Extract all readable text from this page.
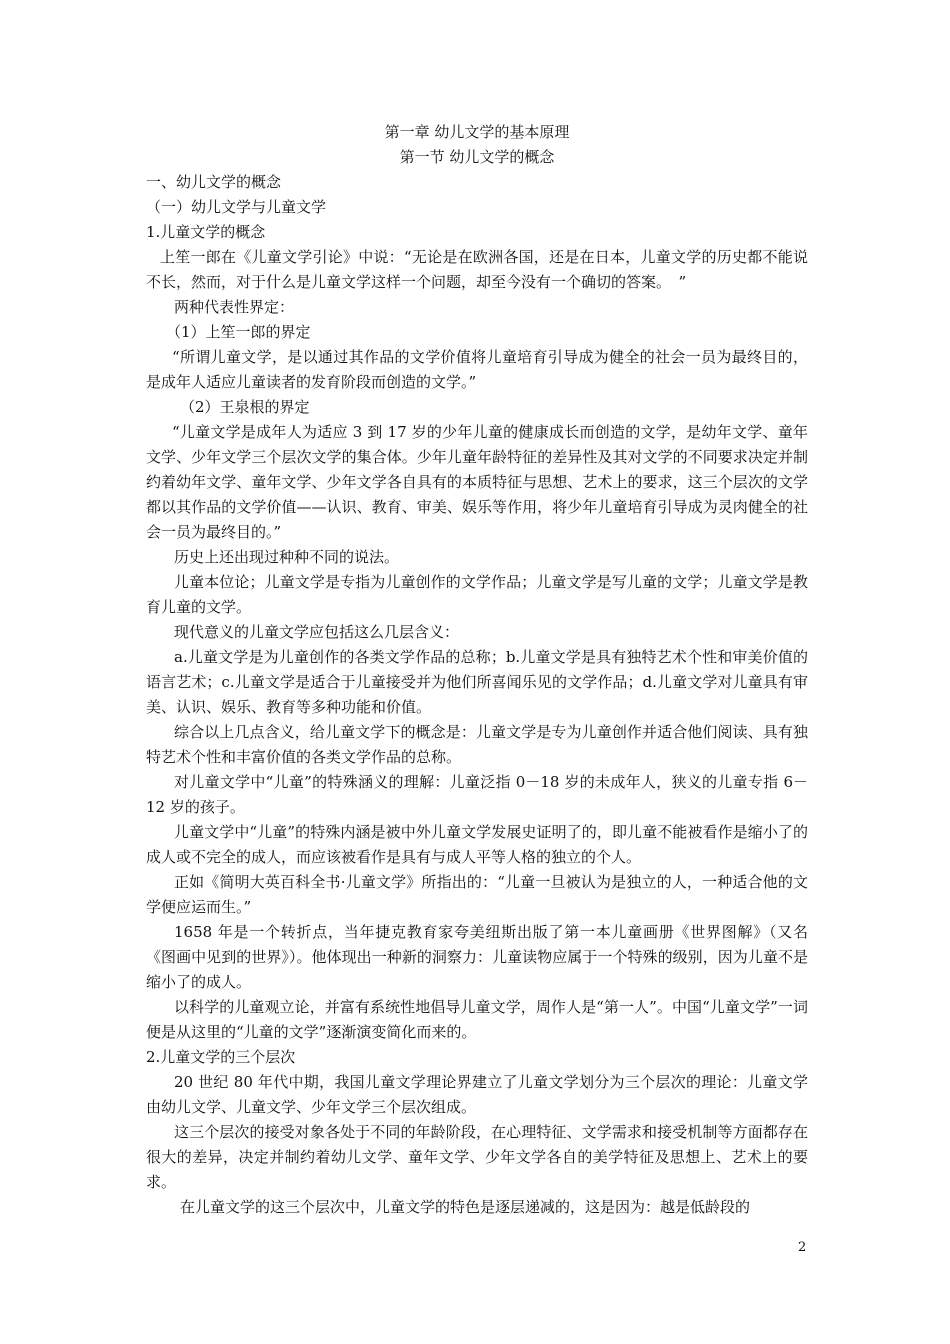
第一章 幼儿文学的基本原理

第一节 幼儿文学的概念

一、幼儿文学的概念

（一）幼儿文学与儿童文学

1.儿童文学的概念

上笙一郎在《儿童文学引论》中说：“无论是在欧洲各国，还是在日本，儿童文学的历史都不能说不长，然而，对于什么是儿童文学这样一个问题，却至今没有一个确切的答案。　”

两种代表性界定：

（1）上笙一郎的界定

“所谓儿童文学，是以通过其作品的文学价值将儿童培育引导成为健全的社会一员为最终目的，是成年人适应儿童读者的发育阶段而创造的文学。”

（2）王泉根的界定

“儿童文学是成年人为适应 3 到 17 岁的少年儿童的健康成长而创造的文学，是幼年文学、童年文学、少年文学三个层次文学的集合体。少年儿童年龄特征的差异性及其对文学的不同要求决定并制约着幼年文学、童年文学、少年文学各自具有的本质特征与思想、艺术上的要求，这三个层次的文学都以其作品的文学价值——认识、教育、审美、娱乐等作用，将少年儿童培育引导成为灵肉健全的社会一员为最终目的。”

历史上还出现过种种不同的说法。

儿童本位论；儿童文学是专指为儿童创作的文学作品；儿童文学是写儿童的文学；儿童文学是教育儿童的文学。

现代意义的儿童文学应包括这么几层含义：

a.儿童文学是为儿童创作的各类文学作品的总称；b.儿童文学是具有独特艺术个性和审美价值的语言艺术；c.儿童文学是适合于儿童接受并为他们所喜闻乐见的文学作品；d.儿童文学对儿童具有审美、认识、娱乐、教育等多种功能和价值。

综合以上几点含义，给儿童文学下的概念是：儿童文学是专为儿童创作并适合他们阅读、具有独特艺术个性和丰富价值的各类文学作品的总称。

对儿童文学中“儿童”的特殊涵义的理解：儿童泛指 0－18 岁的未成年人，狭义的儿童专指 6－12 岁的孩子。

儿童文学中“儿童”的特殊内涵是被中外儿童文学发展史证明了的，即儿童不能被看作是缩小了的成人或不完全的成人，而应该被看作是具有与成人平等人格的独立的个人。

正如《简明大英百科全书·儿童文学》所指出的：“儿童一旦被认为是独立的人，一种适合他的文学便应运而生。”

1658 年是一个转折点，当年捷克教育家夸美纽斯出版了第一本儿童画册《世界图解》（又名《图画中见到的世界》）。他体现出一种新的洞察力：儿童读物应属于一个特殊的级别，因为儿童不是缩小了的成人。

以科学的儿童观立论，并富有系统性地倡导儿童文学，周作人是“第一人”。中国“儿童文学”一词便是从这里的“儿童的文学”逐渐演变简化而来的。

2.儿童文学的三个层次

20 世纪 80 年代中期，我国儿童文学理论界建立了儿童文学划分为三个层次的理论：儿童文学由幼儿文学、儿童文学、少年文学三个层次组成。

这三个层次的接受对象各处于不同的年龄阶段，在心理特征、文学需求和接受机制等方面都存在很大的差异，决定并制约着幼儿文学、童年文学、少年文学各自的美学特征及思想上、艺术上的要求。

在儿童文学的这三个层次中，儿童文学的特色是逐层递减的，这是因为：越是低龄段的

2
